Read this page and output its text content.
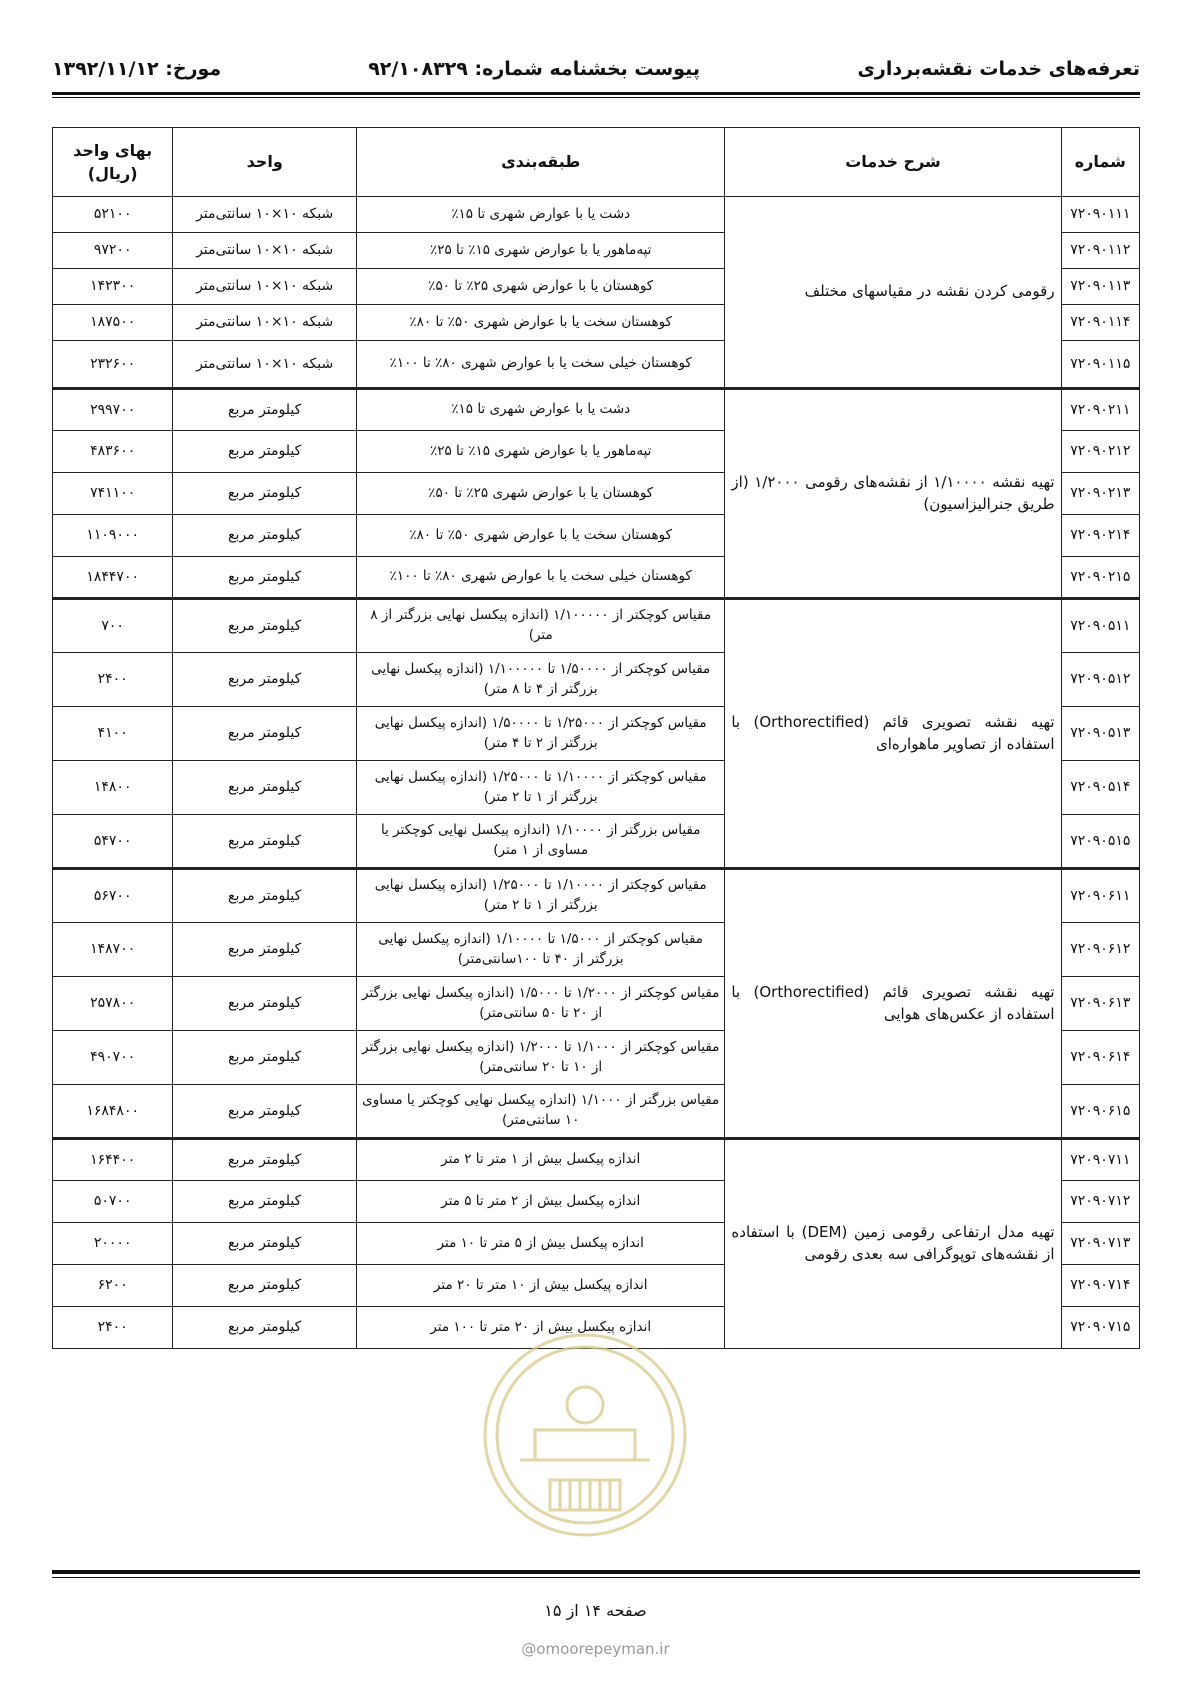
تعرفه‌های خدمات نقشه‌برداری
پیوست بخشنامه شماره: ۹۲/۱۰۸۳۲۹
مورخ: ۱۳۹۲/۱۱/۱۲
شماره	شرح خدمات	طبقه‌بندی	واحد	بهای واحد (ریال)
۷۲۰۹۰۱۱۱	رقومی کردن نقشه در مقیاسهای مختلف	دشت یا با عوارض شهری تا ۱۵٪	شبکه ۱۰×۱۰ سانتی‌متر	۵۲۱۰۰
۷۲۰۹۰۱۱۲		تپه‌ماهور یا با عوارض شهری ۱۵٪ تا ۲۵٪	شبکه ۱۰×۱۰ سانتی‌متر	۹۷۲۰۰
۷۲۰۹۰۱۱۳		کوهستان یا با عوارض شهری ۲۵٪ تا ۵۰٪	شبکه ۱۰×۱۰ سانتی‌متر	۱۴۲۳۰۰
۷۲۰۹۰۱۱۴		کوهستان سخت یا با عوارض شهری ۵۰٪ تا ۸۰٪	شبکه ۱۰×۱۰ سانتی‌متر	۱۸۷۵۰۰
۷۲۰۹۰۱۱۵		کوهستان خیلی سخت یا با عوارض شهری ۸۰٪ تا ۱۰۰٪	شبکه ۱۰×۱۰ سانتی‌متر	۲۳۲۶۰۰
۷۲۰۹۰۲۱۱	تهیه نقشه ۱/۱۰۰۰۰ از نقشه‌های رقومی ۱/۲۰۰۰ (از طریق جنرالیزاسیون)	دشت یا با عوارض شهری تا ۱۵٪	کیلومتر مربع	۲۹۹۷۰۰
۷۲۰۹۰۲۱۲		تپه‌ماهور یا با عوارض شهری ۱۵٪ تا ۲۵٪	کیلومتر مربع	۴۸۳۶۰۰
۷۲۰۹۰۲۱۳		کوهستان یا با عوارض شهری ۲۵٪ تا ۵۰٪	کیلومتر مربع	۷۴۱۱۰۰
۷۲۰۹۰۲۱۴		کوهستان سخت یا با عوارض شهری ۵۰٪ تا ۸۰٪	کیلومتر مربع	۱۱۰۹۰۰۰
۷۲۰۹۰۲۱۵		کوهستان خیلی سخت یا با عوارض شهری ۸۰٪ تا ۱۰۰٪	کیلومتر مربع	۱۸۴۴۷۰۰
۷۲۰۹۰۵۱۱	تهیه نقشه تصویری قائم (Orthorectified) با استفاده از تصاویر ماهواره‌ای	مقیاس کوچکتر از ۱/۱۰۰۰۰۰ (اندازه پیکسل نهایی بزرگتر از ۸ متر)	کیلومتر مربع	۷۰۰
۷۲۰۹۰۵۱۲		مقیاس کوچکتر از ۱/۵۰۰۰۰ تا ۱/۱۰۰۰۰۰ (اندازه پیکسل نهایی بزرگتر از ۴ تا ۸ متر)	کیلومتر مربع	۲۴۰۰
۷۲۰۹۰۵۱۳		مقیاس کوچکتر از ۱/۲۵۰۰۰ تا ۱/۵۰۰۰۰ (اندازه پیکسل نهایی بزرگتر از ۲ تا ۴ متر)	کیلومتر مربع	۴۱۰۰
۷۲۰۹۰۵۱۴		مقیاس کوچکتر از ۱/۱۰۰۰۰ تا ۱/۲۵۰۰۰ (اندازه پیکسل نهایی بزرگتر از ۱ تا ۲ متر)	کیلومتر مربع	۱۴۸۰۰
۷۲۰۹۰۵۱۵		مقیاس بزرگتر از ۱/۱۰۰۰۰ (اندازه پیکسل نهایی کوچکتر یا مساوی از ۱ متر)	کیلومتر مربع	۵۴۷۰۰
۷۲۰۹۰۶۱۱	تهیه نقشه تصویری قائم (Orthorectified) با استفاده از عکس‌های هوایی	مقیاس کوچکتر از ۱/۱۰۰۰۰ تا ۱/۲۵۰۰۰ (اندازه پیکسل نهایی بزرگتر از ۱ تا ۲ متر)	کیلومتر مربع	۵۶۷۰۰
۷۲۰۹۰۶۱۲		مقیاس کوچکتر از ۱/۵۰۰۰ تا ۱/۱۰۰۰۰ (اندازه پیکسل نهایی بزرگتر از ۴۰ تا ۱۰۰سانتی‌متر)	کیلومتر مربع	۱۴۸۷۰۰
۷۲۰۹۰۶۱۳		مقیاس کوچکتر از ۱/۲۰۰۰ تا ۱/۵۰۰۰ (اندازه پیکسل نهایی بزرگتر از ۲۰ تا ۵۰ سانتی‌متر)	کیلومتر مربع	۲۵۷۸۰۰
۷۲۰۹۰۶۱۴		مقیاس کوچکتر از ۱/۱۰۰۰ تا ۱/۲۰۰۰ (اندازه پیکسل نهایی بزرگتر از ۱۰ تا ۲۰ سانتی‌متر)	کیلومتر مربع	۴۹۰۷۰۰
۷۲۰۹۰۶۱۵		مقیاس بزرگتر از ۱/۱۰۰۰ (اندازه پیکسل نهایی کوچکتر یا مساوی ۱۰ سانتی‌متر)	کیلومتر مربع	۱۶۸۴۸۰۰
۷۲۰۹۰۷۱۱	تهیه مدل ارتفاعی رقومی زمین (DEM) با استفاده از نقشه‌های توپوگرافی سه بعدی رقومی	اندازه پیکسل بیش از ۱ متر تا ۲ متر	کیلومتر مربع	۱۶۴۴۰۰
۷۲۰۹۰۷۱۲		اندازه پیکسل بیش از ۲ متر تا ۵ متر	کیلومتر مربع	۵۰۷۰۰
۷۲۰۹۰۷۱۳		اندازه پیکسل بیش از ۵ متر تا ۱۰ متر	کیلومتر مربع	۲۰۰۰۰
۷۲۰۹۰۷۱۴		اندازه پیکسل بیش از ۱۰ متر تا ۲۰ متر	کیلومتر مربع	۶۲۰۰
۷۲۰۹۰۷۱۵		اندازه پیکسل بیش از ۲۰ متر تا ۱۰۰ متر	کیلومتر مربع	۲۴۰۰
صفحه ۱۴ از ۱۵
@omoorepeyman.ir
